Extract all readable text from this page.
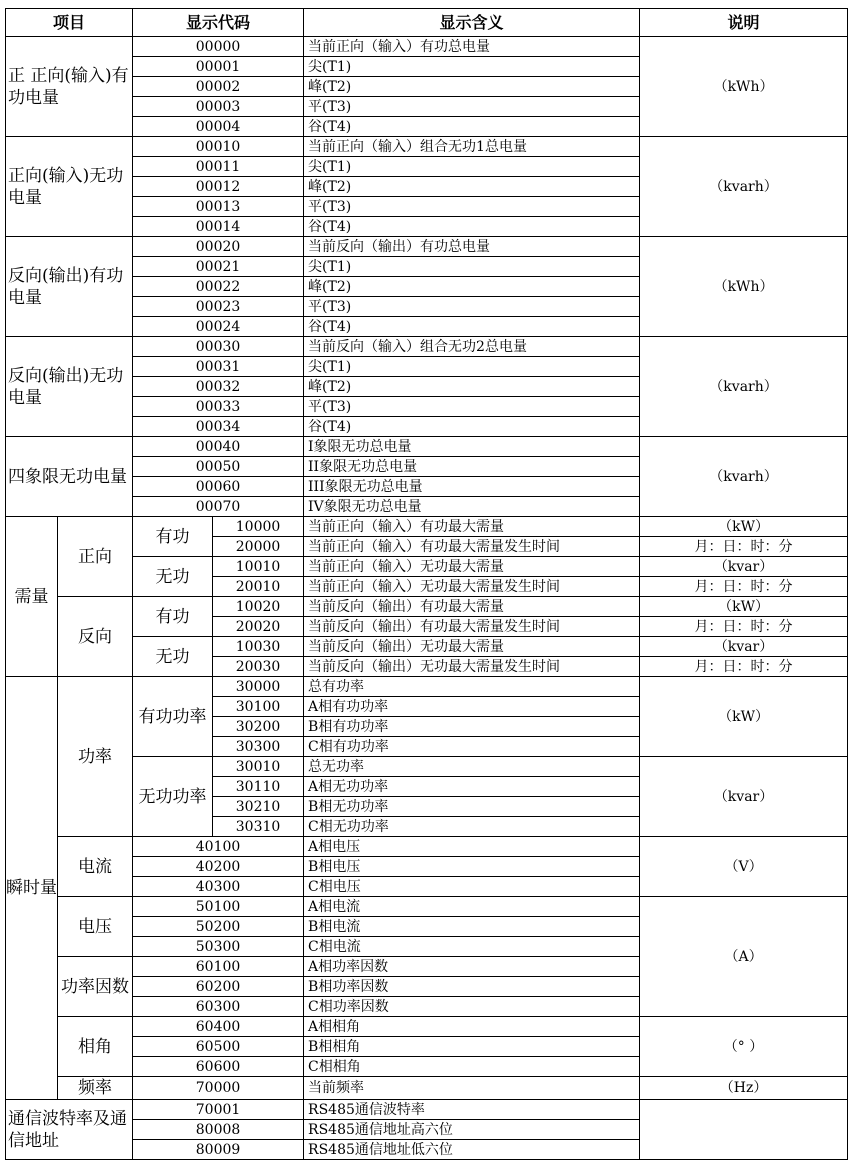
项目		显示代码		显示含义	说明
正 正向(输入)有功电量		00000		当前正向（输入）有功总电量	（kWh）
		00001		尖(T1)	
		00002		峰(T2)	
		00003		平(T3)	
		00004		谷(T4)	
正向(输入)无功电量		00010		当前正向（输入）组合无功1总电量	（kvarh）
		00011		尖(T1)	
		00012		峰(T2)	
		00013		平(T3)	
		00014		谷(T4)	
反向(输出)有功电量		00020		当前反向（输出）有功总电量	（kWh）
		00021		尖(T1)	
		00022		峰(T2)	
		00023		平(T3)	
		00024		谷(T4)	
反向(输出)无功电量		00030		当前反向（输入）组合无功2总电量	（kvarh）
		00031		尖(T1)	
		00032		峰(T2)	
		00033		平(T3)	
		00034		谷(T4)	
四象限无功电量		00040		I象限无功总电量	（kvarh）
		00050		II象限无功总电量	
		00060		III象限无功总电量	
		00070		IV象限无功总电量	
需量	正向	有功	10000	当前正向（输入）有功最大需量	（kW）
			20000	当前正向（输入）有功最大需量发生时间	月：日：时：分
		无功	10010	当前正向（输入）无功最大需量	（kvar）
			20010	当前正向（输入）无功最大需量发生时间	月：日：时：分
	反向	有功	10020	当前反向（输出）有功最大需量	（kW）
			20020	当前反向（输出）有功最大需量发生时间	月：日：时：分
		无功	10030	当前反向（输出）无功最大需量	（kvar）
			20030	当前反向（输出）无功最大需量发生时间	月：日：时：分
瞬时量	功率	有功功率	30000	总有功率	（kW）
			30100	A相有功功率	
			30200	B相有功功率	
			30300	C相有功功率	
		无功功率	30010	总无功率	（kvar）
			30110	A相无功功率	
			30210	B相无功功率	
			30310	C相无功功率	
	电流	40100		A相电压	（V）
		40200		B相电压	
		40300		C相电压	
	电压	50100		A相电流	（A）
		50200		B相电流	
		50300		C相电流	
	功率因数	60100		A相功率因数	
		60200		B相功率因数	
		60300		C相功率因数	
	相角	60400		A相相角	（° ）
		60500		B相相角	
		60600		C相相角	
	频率	70000		当前频率	（Hz）
通信波特率及通信地址		70001		RS485通信波特率	
		80008		RS485通信地址高六位	
		80009		RS485通信地址低六位	
